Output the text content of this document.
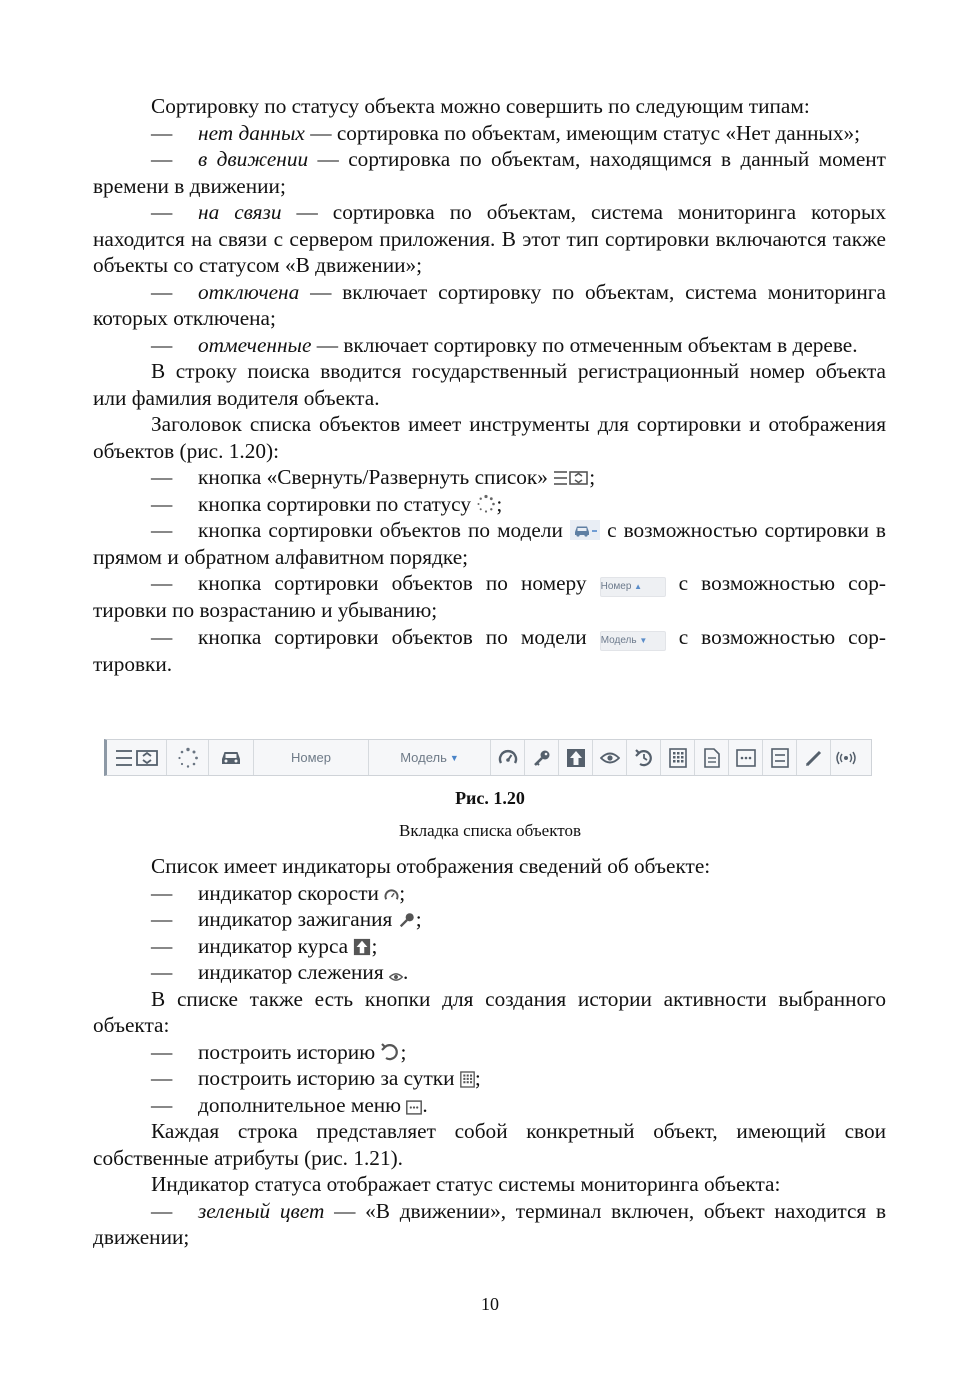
Сортировку по статусу объекта можно совершить по следующим типам:

— нет данных — сортировка по объектам, имеющим статус «Нет данных»;

— в движении — сортировка по объектам, находящимся в данный момент времени в движении;

— на связи — сортировка по объектам, система мониторинга которых находится на связи с сервером приложения. В этот тип сортировки включаются также объекты со статусом «В движении»;

— отключена — включает сортировку по объектам, система мониторинга которых отключена;

— отмеченные — включает сортировку по отмеченным объектам в дереве.

В строку поиска вводится государственный регистрационный номер объекта или фамилия водителя объекта.

Заголовок списка объектов имеет инструменты для сортировки и отображения объектов (рис. 1.20):

— кнопка «Свернуть/Развернуть список» ;

— кнопка сортировки по статусу ;

— кнопка сортировки объектов по модели с возможностью сортировки в прямом и обратном алфавитном порядке;

— кнопка сортировки объектов по номеру Номер ▲ с возможностью сортировки по возрастанию и убыванию;

— кнопка сортировки объектов по модели Модель ▼ с возможностью сортировки.

Номер	Модель ▼
Рис. 1.20
Вкладка списка объектов

Список имеет индикаторы отображения сведений об объекте:

— индикатор скорости ;

— индикатор зажигания ;

— индикатор курса ;

— индикатор слежения .

В списке также есть кнопки для создания истории активности выбранного объекта:

— построить историю ;

— построить историю за сутки ;

— дополнительное меню .

Каждая строка представляет собой конкретный объект, имеющий свои собственные атрибуты (рис. 1.21).

Индикатор статуса отображает статус системы мониторинга объекта:

— зеленый цвет — «В движении», терминал включен, объект находится в движении;

10
